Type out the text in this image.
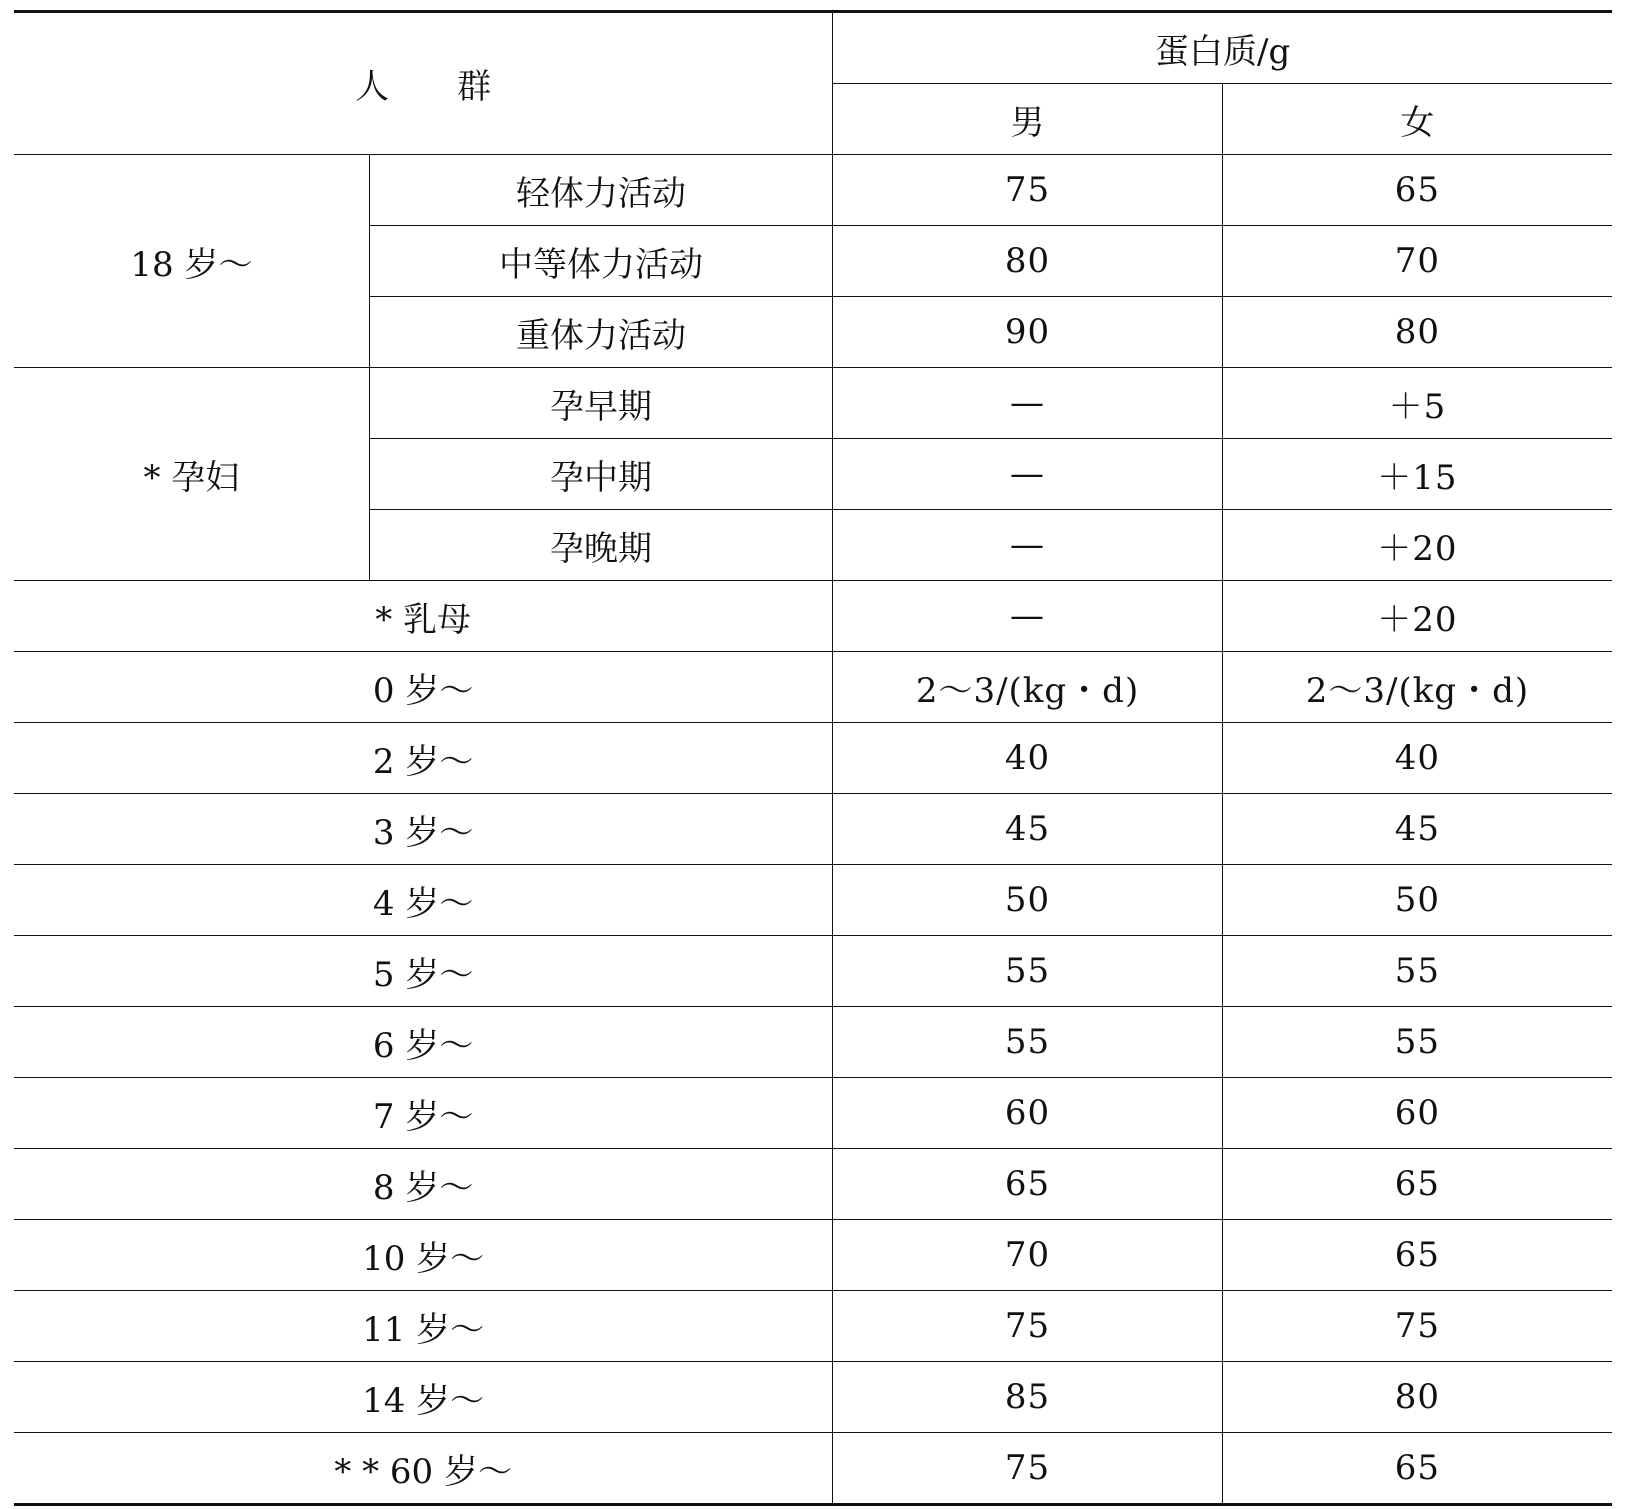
人　　群		蛋白质/g	
		男	女
18 岁～	轻体力活动	75	65
	中等体力活动	80	70
	重体力活动	90	80
* 孕妇	孕早期	—	＋5
	孕中期	—	＋15
	孕晚期	—	＋20
* 乳母		—	＋20
0 岁～		2～3/(kg・d)	2～3/(kg・d)
2 岁～		40	40
3 岁～		45	45
4 岁～		50	50
5 岁～		55	55
6 岁～		55	55
7 岁～		60	60
8 岁～		65	65
10 岁～		70	65
11 岁～		75	75
14 岁～		85	80
* * 60 岁～		75	65
